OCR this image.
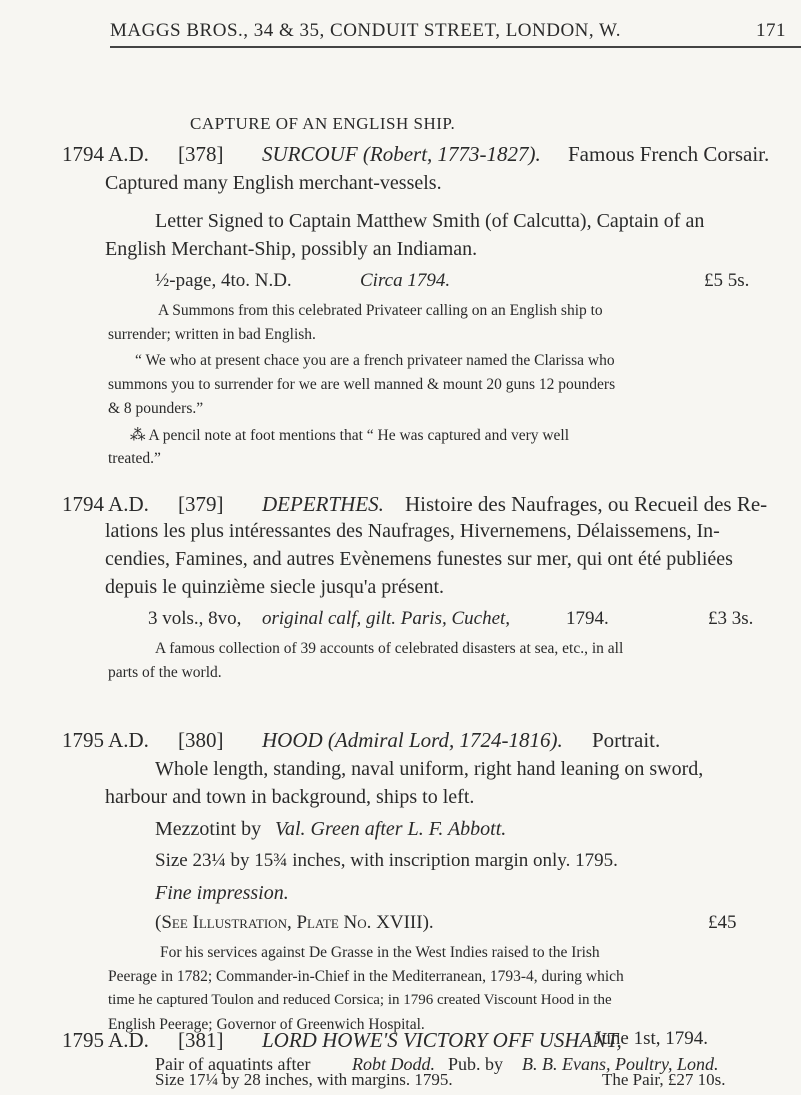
MAGGS BROS., 34 & 35, CONDUIT STREET, LONDON, W.	171
CAPTURE OF AN ENGLISH SHIP.
1794 A.D. [378] SURCOUF (Robert, 1773-1827). Famous French Corsair.
Captured many English merchant-vessels.
Letter Signed to Captain Matthew Smith (of Calcutta), Captain of an
English Merchant-Ship, possibly an Indiaman.
½-page, 4to. N.D.	Circa 1794.	£5 5s.
A Summons from this celebrated Privateer calling on an English ship to
surrender; written in bad English.
“ We who at present chace you are a french privateer named the Clarissa who
summons you to surrender for we are well manned & mount 20 guns 12 pounders
& 8 pounders.”
⁂ A pencil note at foot mentions that “ He was captured and very well
treated.”
1794 A.D. [379] DEPERTHES. Histoire des Naufrages, ou Recueil des Re-
lations les plus intéressantes des Naufrages, Hivernemens, Délaissemens, In-
cendies, Famines, and autres Evènemens funestes sur mer, qui ont été publiées
depuis le quinzième siecle jusqu'a présent.
3 vols., 8vo, original calf, gilt. Paris, Cuchet,	1794.	£3 3s.
A famous collection of 39 accounts of celebrated disasters at sea, etc., in all
parts of the world.
1795 A.D. [380] HOOD (Admiral Lord, 1724-1816). Portrait.
Whole length, standing, naval uniform, right hand leaning on sword,
harbour and town in background, ships to left.
Mezzotint by Val. Green after L. F. Abbott.
Size 23¼ by 15¾ inches, with inscription margin only. 1795.
Fine impression.
(See Illustration, Plate No. XVIII).	£45
For his services against De Grasse in the West Indies raised to the Irish
Peerage in 1782; Commander-in-Chief in the Mediterranean, 1793-4, during which
time he captured Toulon and reduced Corsica; in 1796 created Viscount Hood in the
English Peerage; Governor of Greenwich Hospital.
1795 A.D. [381] LORD HOWE'S VICTORY OFF USHANT,
June 1st, 1794.
Pair of aquatints after Robt Dodd. Pub. by B. B. Evans, Poultry, Lond.
Size 17¼ by 28 inches, with margins. 1795.	The Pair, £27 10s.
